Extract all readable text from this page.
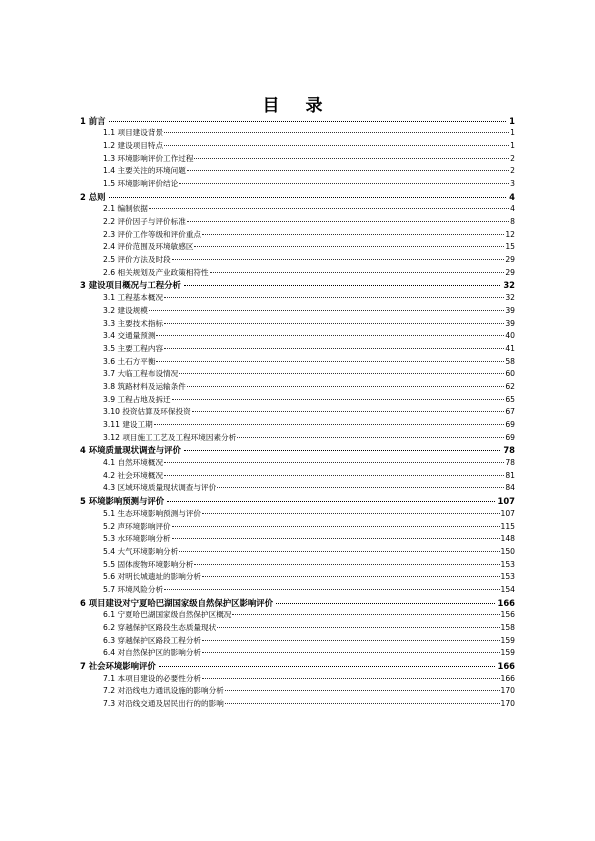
目 录
1 前言	1
1.1 项目建设背景	1
1.2 建设项目特点	1
1.3 环境影响评价工作过程	2
1.4 主要关注的环境问题	2
1.5 环境影响评价结论	3
2 总则	4
2.1 编制依据	4
2.2 评价因子与评价标准	8
2.3 评价工作等级和评价重点	12
2.4 评价范围及环境敏感区	15
2.5 评价方法及时段	29
2.6 相关规划及产业政策相符性	29
3 建设项目概况与工程分析	32
3.1 工程基本概况	32
3.2 建设规模	39
3.3 主要技术指标	39
3.4 交通量预测	40
3.5 主要工程内容	41
3.6 土石方平衡	58
3.7 大临工程布设情况	60
3.8 筑路材料及运输条件	62
3.9 工程占地及拆迁	65
3.10 投资估算及环保投资	67
3.11 建设工期	69
3.12 项目施工工艺及工程环境因素分析	69
4 环境质量现状调查与评价	78
4.1 自然环境概况	78
4.2 社会环境概况	81
4.3 区域环境质量现状调查与评价	84
5 环境影响预测与评价	107
5.1 生态环境影响预测与评价	107
5.2 声环境影响评价	115
5.3 水环境影响分析	148
5.4 大气环境影响分析	150
5.5 固体废物环境影响分析	153
5.6 对明长城遗址的影响分析	153
5.7 环境风险分析	154
6 项目建设对宁夏哈巴湖国家级自然保护区影响评价	166
6.1 宁夏哈巴湖国家级自然保护区概况	156
6.2 穿越保护区路段生态质量现状	158
6.3 穿越保护区路段工程分析	159
6.4 对自然保护区的影响分析	159
7 社会环境影响评价	166
7.1 本项目建设的必要性分析	166
7.2 对沿线电力通讯设施的影响分析	170
7.3 对沿线交通及居民出行的的影响	170
